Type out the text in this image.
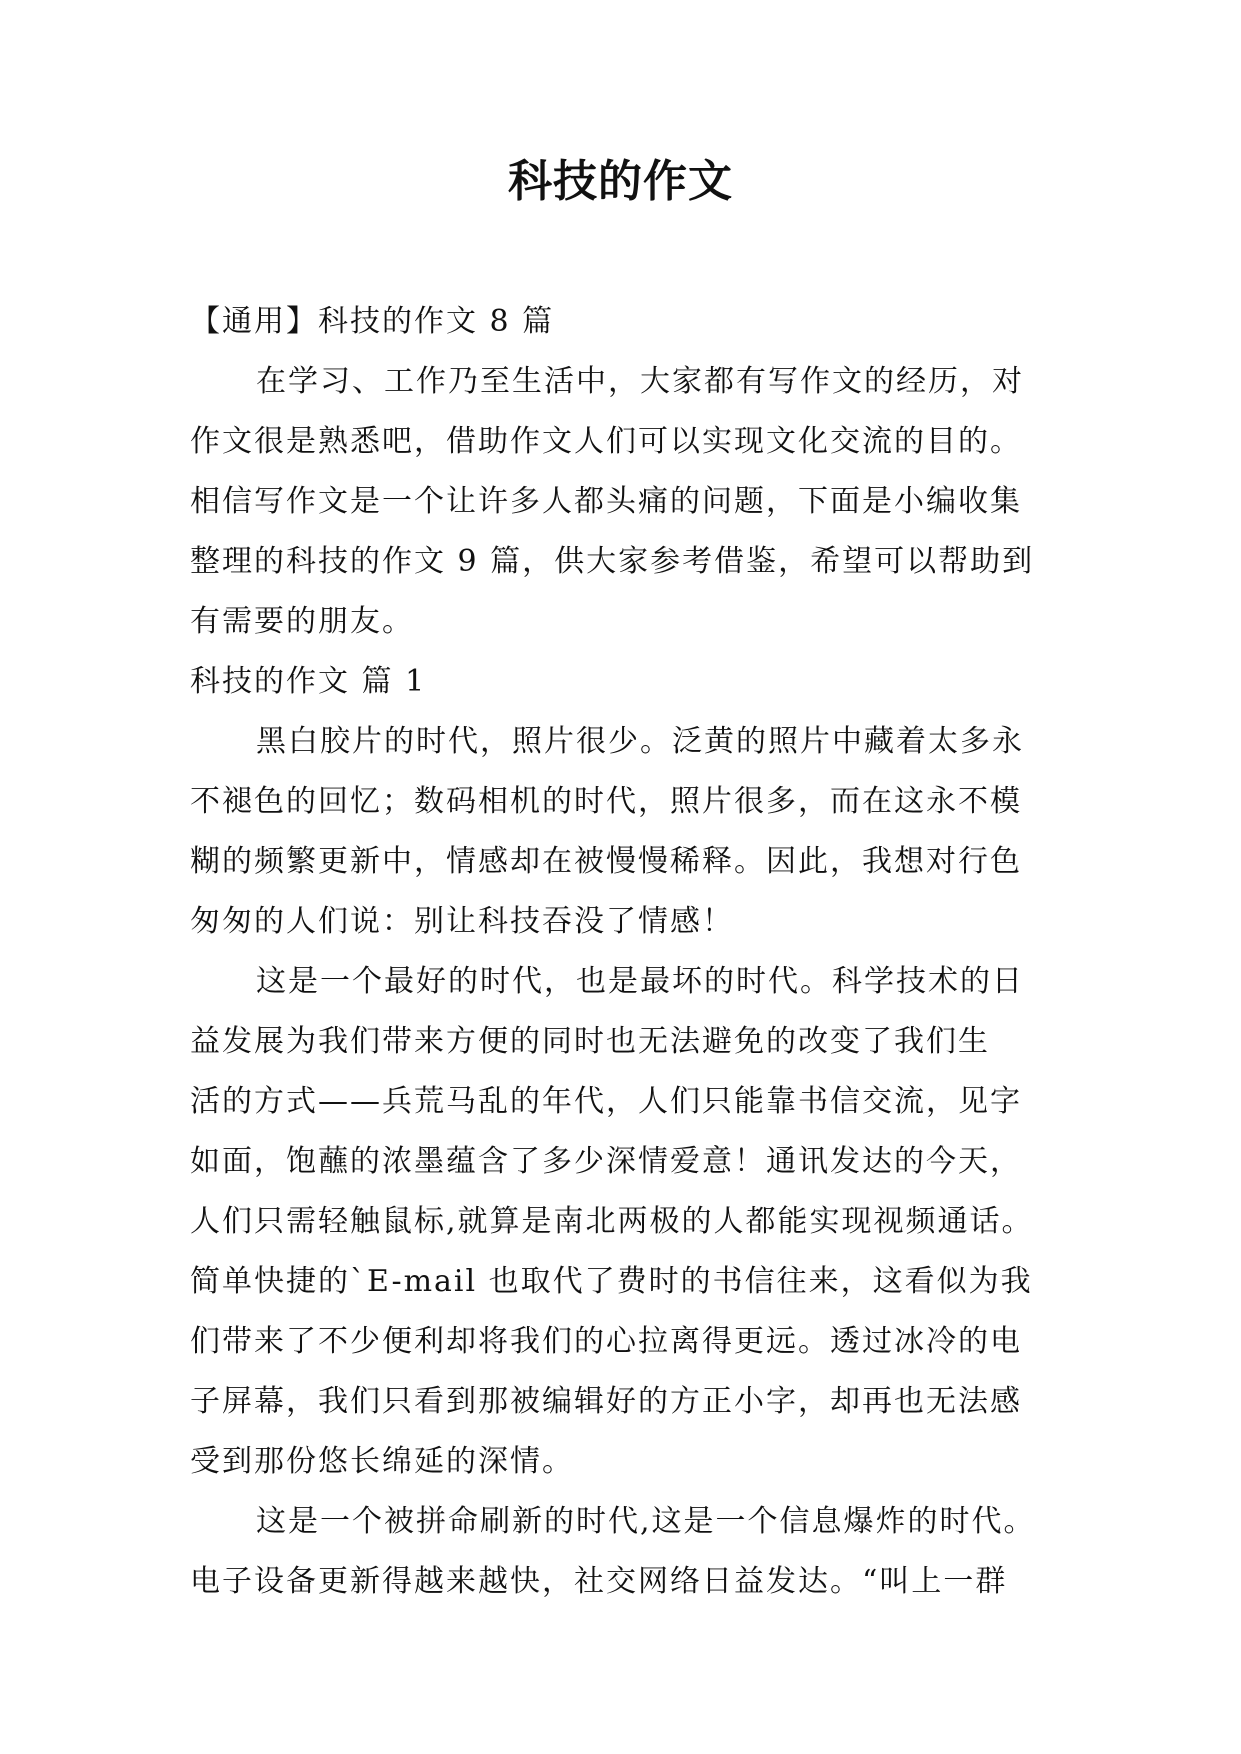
科技的作文
【通用】科技的作文 8 篇
在学习、工作乃至生活中，大家都有写作文的经历，对
作文很是熟悉吧，借助作文人们可以实现文化交流的目的。
相信写作文是一个让许多人都头痛的问题，下面是小编收集
整理的科技的作文 9 篇，供大家参考借鉴，希望可以帮助到
有需要的朋友。
科技的作文 篇 1
黑白胶片的时代，照片很少。泛黄的照片中藏着太多永
不褪色的回忆；数码相机的时代，照片很多，而在这永不模
糊的频繁更新中，情感却在被慢慢稀释。因此，我想对行色
匆匆的人们说：别让科技吞没了情感！
这是一个最好的时代，也是最坏的时代。科学技术的日
益发展为我们带来方便的同时也无法避免的改变了我们生
活的方式——兵荒马乱的年代，人们只能靠书信交流，见字
如面，饱蘸的浓墨蕴含了多少深情爱意！通讯发达的今天，
人们只需轻触鼠标,就算是南北两极的人都能实现视频通话。
简单快捷的`E-mail 也取代了费时的书信往来，这看似为我
们带来了不少便利却将我们的心拉离得更远。透过冰冷的电
子屏幕，我们只看到那被编辑好的方正小字，却再也无法感
受到那份悠长绵延的深情。
这是一个被拼命刷新的时代,这是一个信息爆炸的时代。
电子设备更新得越来越快，社交网络日益发达。“叫上一群
